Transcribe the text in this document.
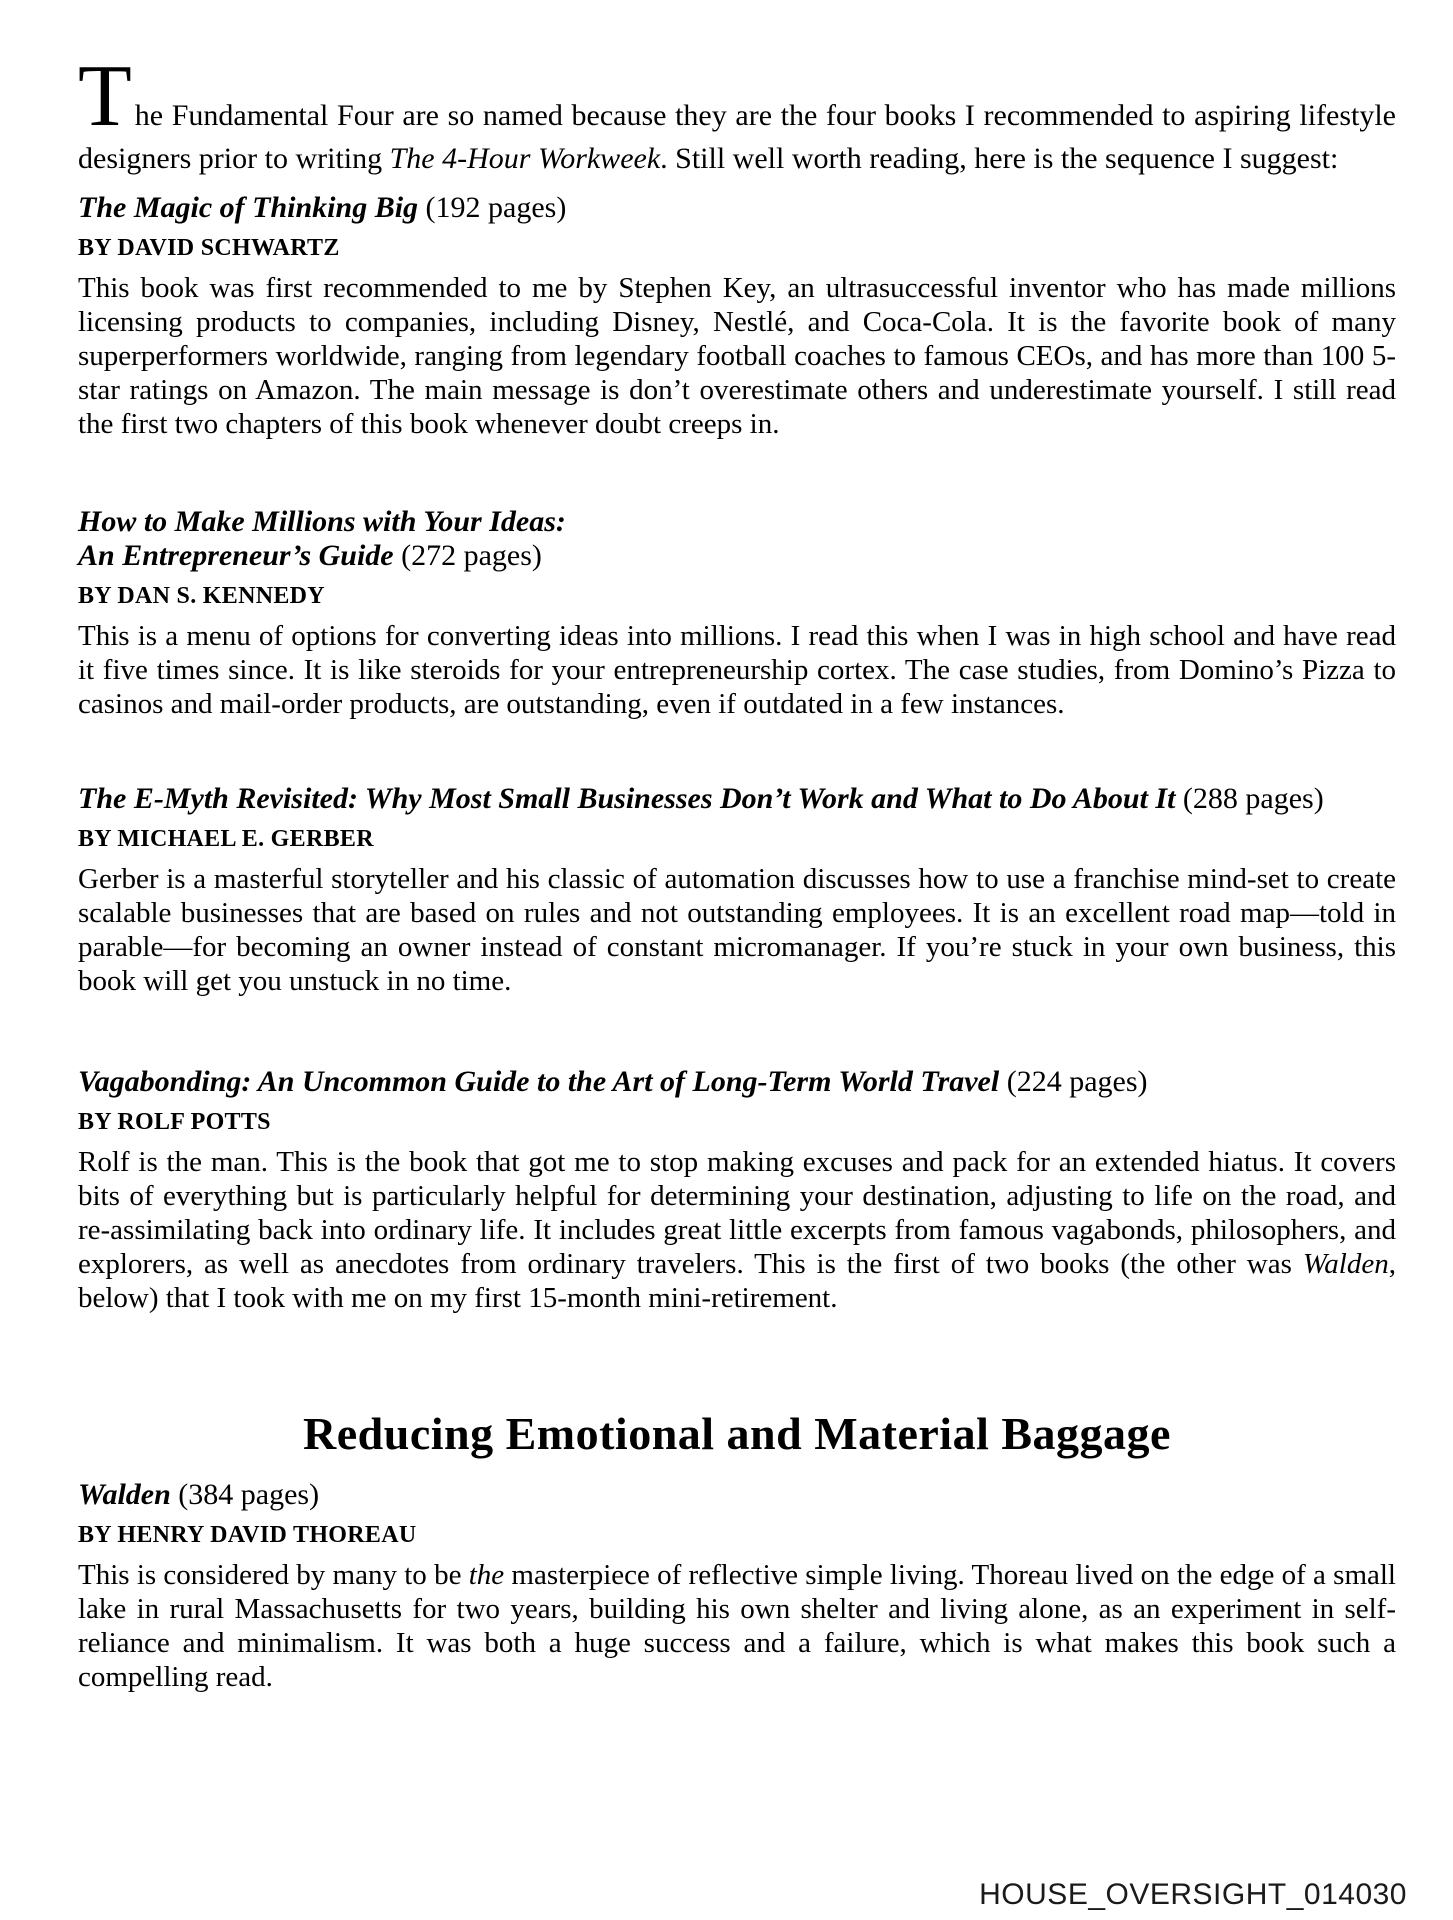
The Fundamental Four are so named because they are the four books I recommended to aspiring lifestyle designers prior to writing The 4-Hour Workweek. Still well worth reading, here is the sequence I suggest:

The Magic of Thinking Big (192 pages)
BY DAVID SCHWARTZ

This book was first recommended to me by Stephen Key, an ultrasuccessful inventor who has made millions licensing products to companies, including Disney, Nestlé, and Coca-Cola. It is the favorite book of many superperformers worldwide, ranging from legendary football coaches to famous CEOs, and has more than 100 5-star ratings on Amazon. The main message is don’t overestimate others and underestimate yourself. I still read the first two chapters of this book whenever doubt creeps in.

How to Make Millions with Your Ideas:
An Entrepreneur’s Guide (272 pages)
BY DAN S. KENNEDY

This is a menu of options for converting ideas into millions. I read this when I was in high school and have read it five times since. It is like steroids for your entrepreneurship cortex. The case studies, from Domino’s Pizza to casinos and mail-order products, are outstanding, even if outdated in a few instances.

The E-Myth Revisited: Why Most Small Businesses Don’t Work and What to Do About It (288 pages)
BY MICHAEL E. GERBER

Gerber is a masterful storyteller and his classic of automation discusses how to use a franchise mind-set to create scalable businesses that are based on rules and not outstanding employees. It is an excellent road map—told in parable—for becoming an owner instead of constant micromanager. If you’re stuck in your own business, this book will get you unstuck in no time.

Vagabonding: An Uncommon Guide to the Art of Long-Term World Travel (224 pages)
BY ROLF POTTS

Rolf is the man. This is the book that got me to stop making excuses and pack for an extended hiatus. It covers bits of everything but is particularly helpful for determining your destination, adjusting to life on the road, and re-assimilating back into ordinary life. It includes great little excerpts from famous vagabonds, philosophers, and explorers, as well as anecdotes from ordinary travelers. This is the first of two books (the other was Walden, below) that I took with me on my first 15-month mini-retirement.

Reducing Emotional and Material Baggage
Walden (384 pages)
BY HENRY DAVID THOREAU

This is considered by many to be the masterpiece of reflective simple living. Thoreau lived on the edge of a small lake in rural Massachusetts for two years, building his own shelter and living alone, as an experiment in self-reliance and minimalism. It was both a huge success and a failure, which is what makes this book such a compelling read.

HOUSE_OVERSIGHT_014030
